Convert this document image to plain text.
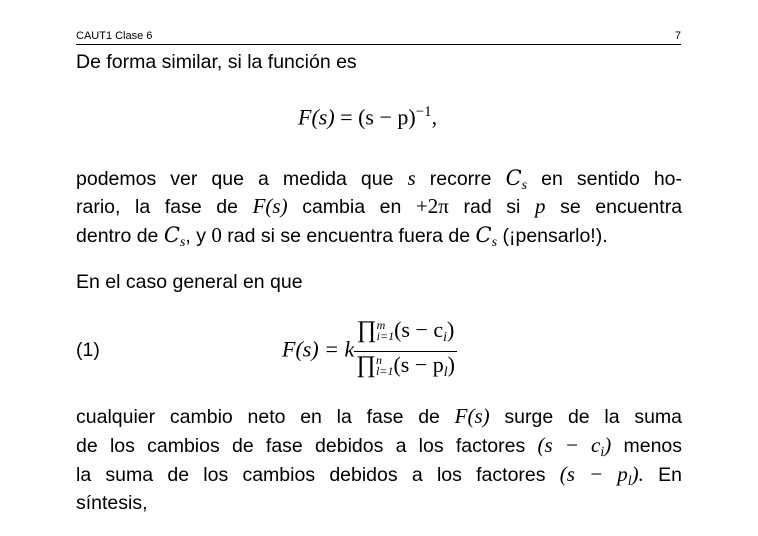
CAUT1 Clase 6	7
De forma similar, si la función es
$F(s) = (s - p)^{-1}$,
podemos ver que a medida que s recorre $C_s$ en sentido ho-
rario, la fase de F(s) cambia en +2π rad si p se encuentra
dentro de $C_s$, y 0 rad si se encuentra fuera de $C_s$ (¡pensarlo!).
En el caso general en que
(1)	F(s) = k ∏ m
i=1 $(s - c_i)$
∏ n
l=1 $(s - p_l)$
cualquier cambio neto en la fase de F(s) surge de la suma
de los cambios de fase debidos a los factores $(s - c_i)$ menos
la suma de los cambios debidos a los factores $(s - p_l)$. En
síntesis,
